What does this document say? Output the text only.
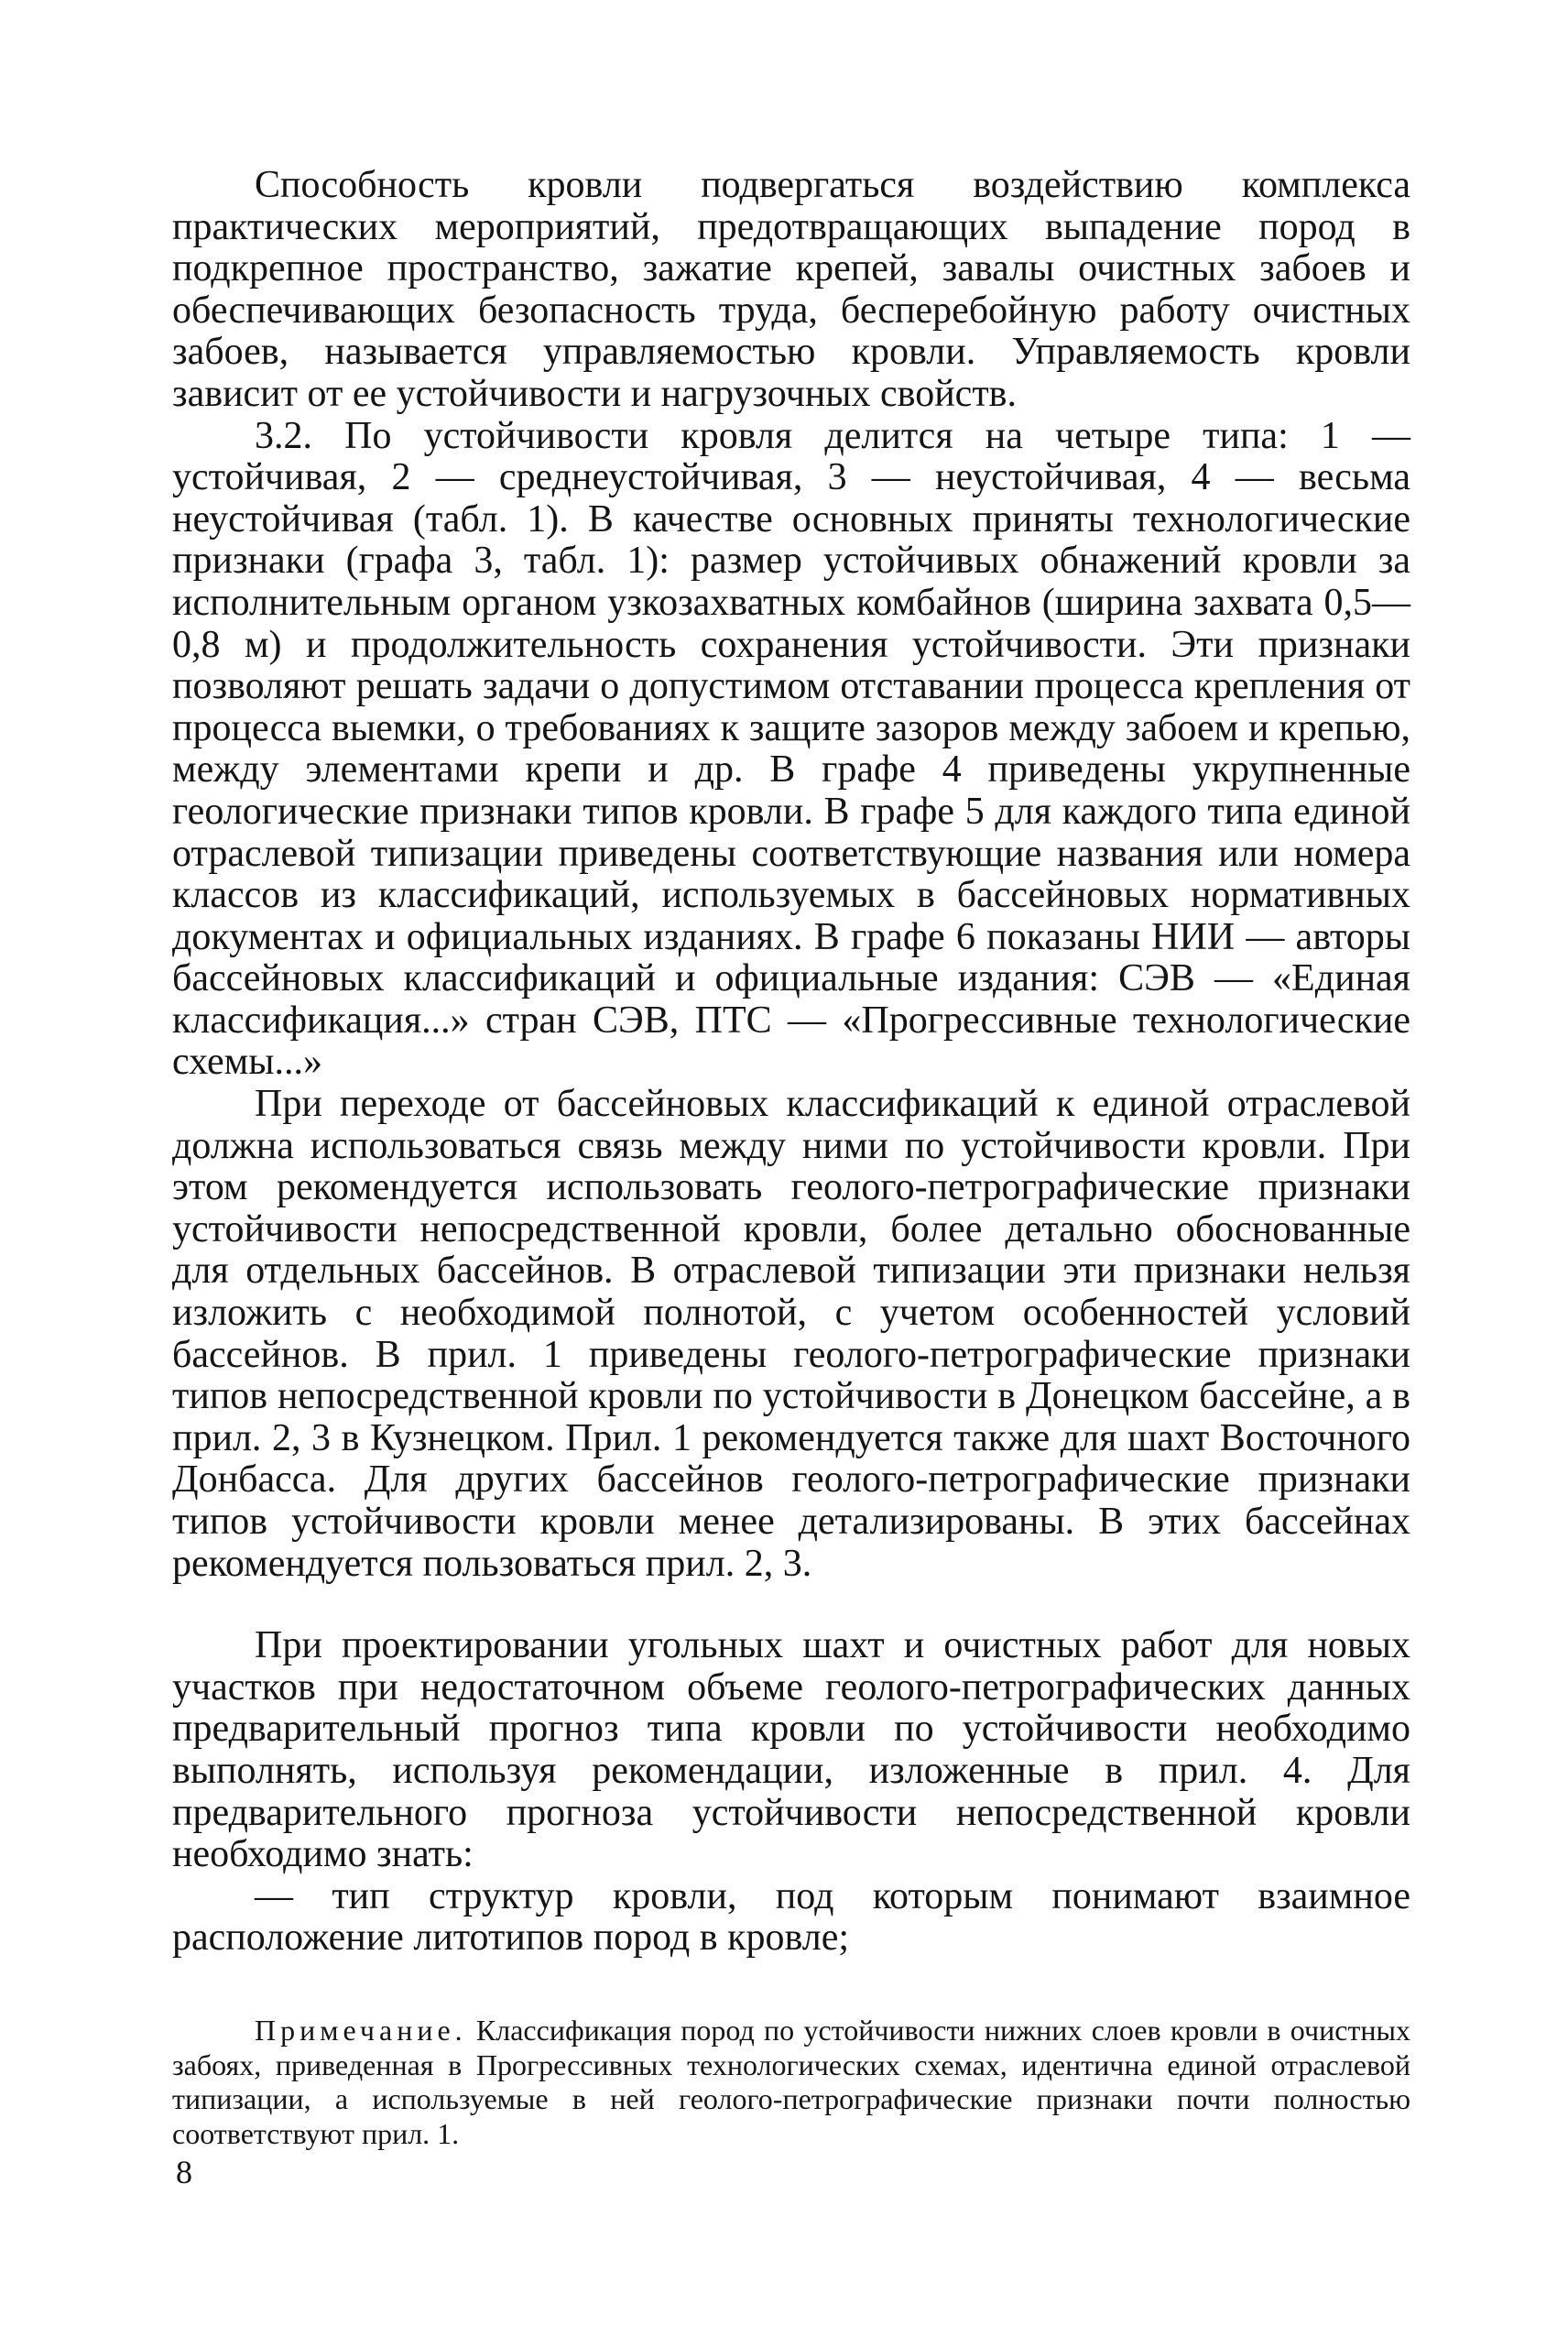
Способность кровли подвергаться воздействию комплекса практических мероприятий, предотвращающих выпадение пород в подкрепное пространство, зажатие крепей, завалы очистных забоев и обеспечивающих безопасность труда, бесперебойную работу очистных забоев, называется управляемостью кровли. Управляемость кровли зависит от ее устойчивости и нагрузочных свойств.

3.2. По устойчивости кровля делится на четыре типа: 1 — устойчивая, 2 — среднеустойчивая, 3 — неустойчивая, 4 — весьма неустойчивая (табл. 1). В качестве основных приняты технологические признаки (графа 3, табл. 1): размер устойчивых обнажений кровли за исполнительным органом узкозахватных комбайнов (ширина захвата 0,5—0,8 м) и продолжительность сохранения устойчивости. Эти признаки позволяют решать задачи о допустимом отставании процесса крепления от процесса выемки, о требованиях к защите зазоров между забоем и крепью, между элементами крепи и др. В графе 4 приведены укрупненные геологические признаки типов кровли. В графе 5 для каждого типа единой отраслевой типизации приведены соответствующие названия или номера классов из классификаций, используемых в бассейновых нормативных документах и официальных изданиях. В графе 6 показаны НИИ — авторы бассейновых классификаций и официальные издания: СЭВ — «Единая классификация...» стран СЭВ, ПТС — «Прогрессивные технологические схемы...»

При переходе от бассейновых классификаций к единой отраслевой должна использоваться связь между ними по устойчивости кровли. При этом рекомендуется использовать геолого-петрографические признаки устойчивости непосредственной кровли, более детально обоснованные для отдельных бассейнов. В отраслевой типизации эти признаки нельзя изложить с необходимой полнотой, с учетом особенностей условий бассейнов. В прил. 1 приведены геолого-петрографические признаки типов непосредственной кровли по устойчивости в Донецком бассейне, а в прил. 2, 3 в Кузнецком. Прил. 1 рекомендуется также для шахт Восточного Донбасса. Для других бассейнов геолого-петрографические признаки типов устойчивости кровли менее детализированы. В этих бассейнах рекомендуется пользоваться прил. 2, 3.

При проектировании угольных шахт и очистных работ для новых участков при недостаточном объеме геолого-петрографических данных предварительный прогноз типа кровли по устойчивости необходимо выполнять, используя рекомендации, изложенные в прил. 4. Для предварительного прогноза устойчивости непосредственной кровли необходимо знать:

— тип структур кровли, под которым понимают взаимное расположение литотипов пород в кровле;

Примечание. Классификация пород по устойчивости нижних слоев кровли в очистных забоях, приведенная в Прогрессивных технологических схемах, идентична единой отраслевой типизации, а используемые в ней геолого-петрографические признаки почти полностью соответствуют прил. 1.
8
